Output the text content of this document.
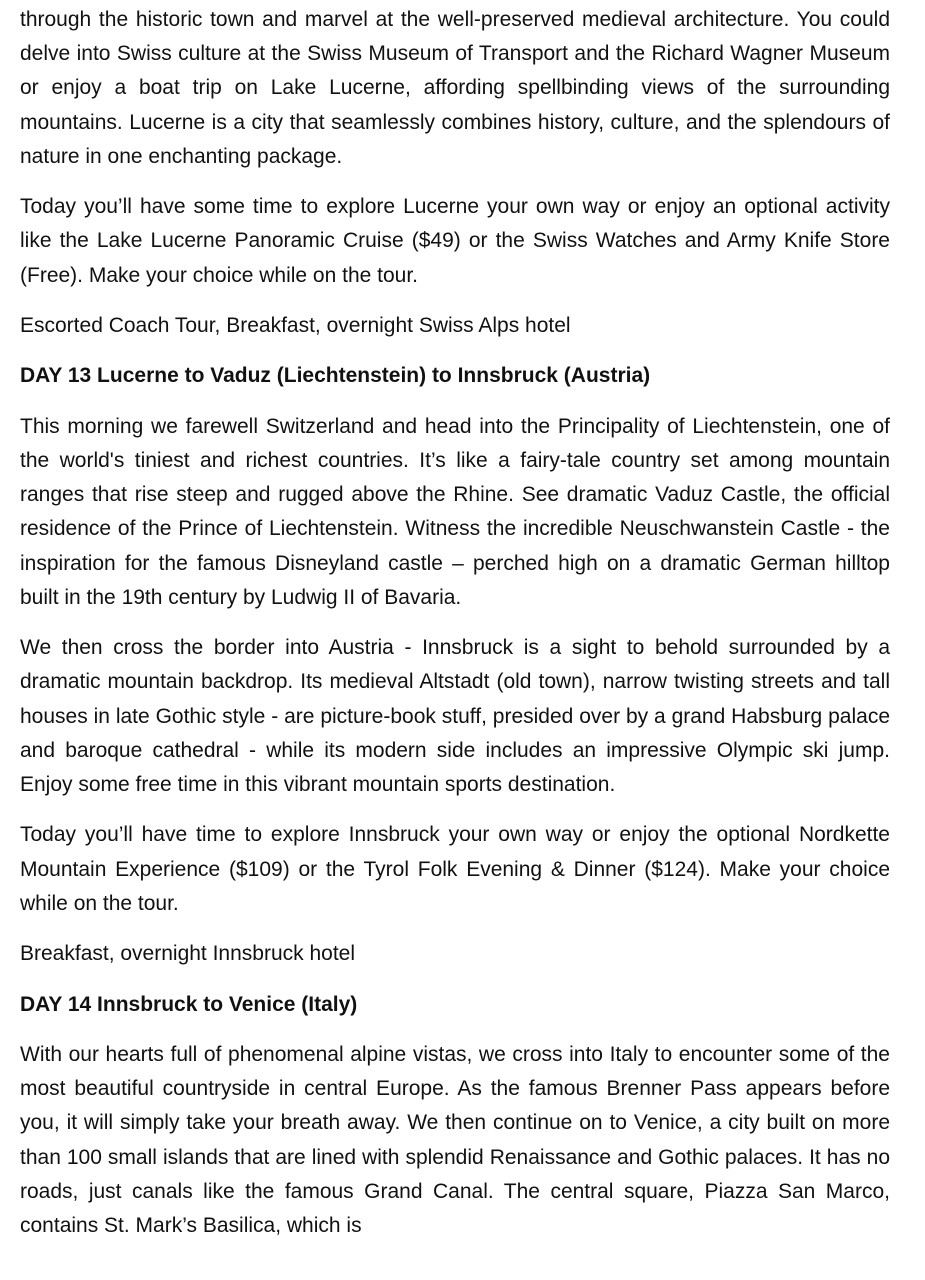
through the historic town and marvel at the well-preserved medieval architecture. You could delve into Swiss culture at the Swiss Museum of Transport and the Richard Wagner Museum or enjoy a boat trip on Lake Lucerne, affording spellbinding views of the surrounding mountains. Lucerne is a city that seamlessly combines history, culture, and the splendours of nature in one enchanting package.

Today you’ll have some time to explore Lucerne your own way or enjoy an optional activity like the Lake Lucerne Panoramic Cruise ($49) or the Swiss Watches and Army Knife Store (Free). Make your choice while on the tour.

Escorted Coach Tour, Breakfast, overnight Swiss Alps hotel

DAY 13 Lucerne to Vaduz (Liechtenstein) to Innsbruck (Austria)

This morning we farewell Switzerland and head into the Principality of Liechtenstein, one of the world's tiniest and richest countries. It’s like a fairy-tale country set among mountain ranges that rise steep and rugged above the Rhine. See dramatic Vaduz Castle, the official residence of the Prince of Liechtenstein. Witness the incredible Neuschwanstein Castle - the inspiration for the famous Disneyland castle – perched high on a dramatic German hilltop built in the 19th century by Ludwig II of Bavaria.

We then cross the border into Austria - Innsbruck is a sight to behold surrounded by a dramatic mountain backdrop. Its medieval Altstadt (old town), narrow twisting streets and tall houses in late Gothic style - are picture-book stuff, presided over by a grand Habsburg palace and baroque cathedral - while its modern side includes an impressive Olympic ski jump. Enjoy some free time in this vibrant mountain sports destination.

Today you’ll have time to explore Innsbruck your own way or enjoy the optional Nordkette Mountain Experience ($109) or the Tyrol Folk Evening & Dinner ($124). Make your choice while on the tour.

Breakfast, overnight Innsbruck hotel

DAY 14 Innsbruck to Venice (Italy)

With our hearts full of phenomenal alpine vistas, we cross into Italy to encounter some of the most beautiful countryside in central Europe. As the famous Brenner Pass appears before you, it will simply take your breath away. We then continue on to Venice, a city built on more than 100 small islands that are lined with splendid Renaissance and Gothic palaces. It has no roads, just canals like the famous Grand Canal. The central square, Piazza San Marco, contains St. Mark’s Basilica, which is
